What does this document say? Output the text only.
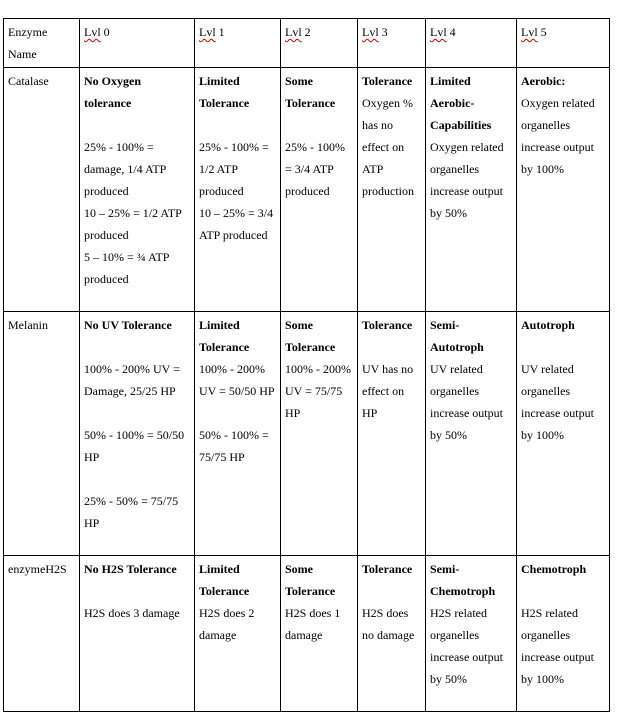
Enzyme Name	Lvl 0	Lvl 1	Lvl 2	Lvl 3	Lvl 4	Lvl 5
Catalase	No Oxygen tolerance
25% - 100% = damage, 1/4 ATP produced
10 – 25% = 1/2 ATP produced
5 – 10% = ¾ ATP produced	Limited Tolerance
25% - 100% = 1/2 ATP produced
10 – 25% = 3/4 ATP produced	Some Tolerance
25% - 100% = 3/4 ATP produced	Tolerance
Oxygen % has no effect on ATP production	Limited Aerobic-Capabilities
Oxygen related organelles increase output by 50%	Aerobic:
Oxygen related organelles increase output by 100%

Melanin	No UV Tolerance
100% - 200% UV = Damage, 25/25 HP
50% - 100% = 50/50 HP
25% - 50% = 75/75 HP	Limited Tolerance
100% - 200% UV = 50/50 HP
50% - 100% = 75/75 HP	Some Tolerance
100% - 200% UV = 75/75 HP	Tolerance
UV has no effect on HP	Semi-Autotroph
UV related organelles increase output by 50%	Autotroph
UV related organelles increase output by 100%

enzymeH2S	No H2S Tolerance
H2S does 3 damage	Limited Tolerance
H2S does 2 damage	Some Tolerance
H2S does 1 damage	Tolerance
H2S does no damage	Semi-Chemotroph
H2S related organelles increase output by 50%	Chemotroph
H2S related organelles increase output by 100%
